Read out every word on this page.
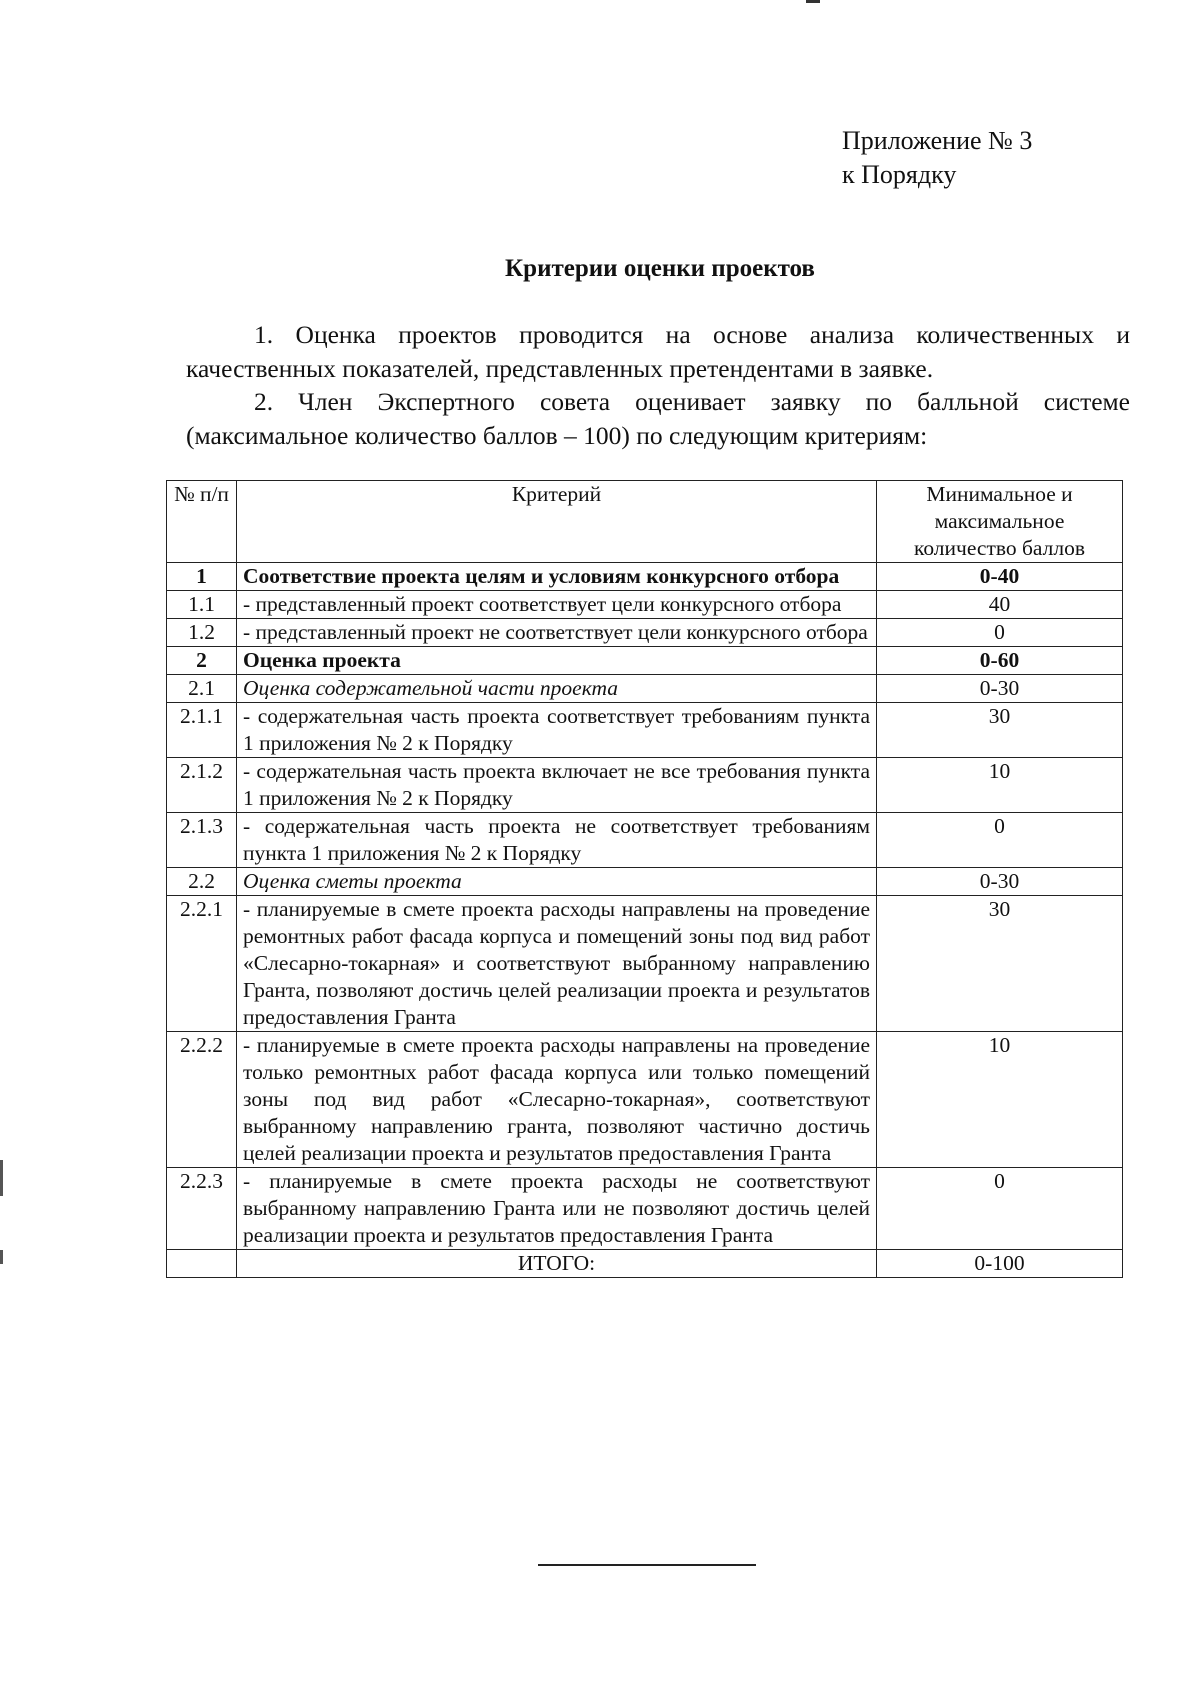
Приложение № 3
к Порядку
Критерии оценки проектов
1. Оценка проектов проводится на основе анализа количественных и качественных показателей, представленных претендентами в заявке.
2. Член Экспертного совета оценивает заявку по балльной системе (максимальное количество баллов – 100) по следующим критериям:
№ п/п	Критерий	Минимальное и максимальное количество баллов
1	Соответствие проекта целям и условиям конкурсного отбора	0-40
1.1	- представленный проект соответствует цели конкурсного отбора	40
1.2	- представленный проект не соответствует цели конкурсного отбора	0
2	Оценка проекта	0-60
2.1	Оценка содержательной части проекта	0-30
2.1.1	- содержательная часть проекта соответствует требованиям пункта 1 приложения № 2 к Порядку	30
2.1.2	- содержательная часть проекта включает не все требования пункта 1 приложения № 2 к Порядку	10
2.1.3	- содержательная часть проекта не соответствует требованиям пункта 1 приложения № 2 к Порядку	0
2.2	Оценка сметы проекта	0-30
2.2.1	- планируемые в смете проекта расходы направлены на проведение ремонтных работ фасада корпуса и помещений зоны под вид работ «Слесарно-токарная» и соответствуют выбранному направлению Гранта, позволяют достичь целей реализации проекта и результатов предоставления Гранта	30
2.2.2	- планируемые в смете проекта расходы направлены на проведение только ремонтных работ фасада корпуса или только помещений зоны под вид работ «Слесарно-токарная», соответствуют выбранному направлению гранта, позволяют частично достичь целей реализации проекта и результатов предоставления Гранта	10
2.2.3	- планируемые в смете проекта расходы не соответствуют выбранному направлению Гранта или не позволяют достичь целей реализации проекта и результатов предоставления Гранта	0
	ИТОГО:	0-100
